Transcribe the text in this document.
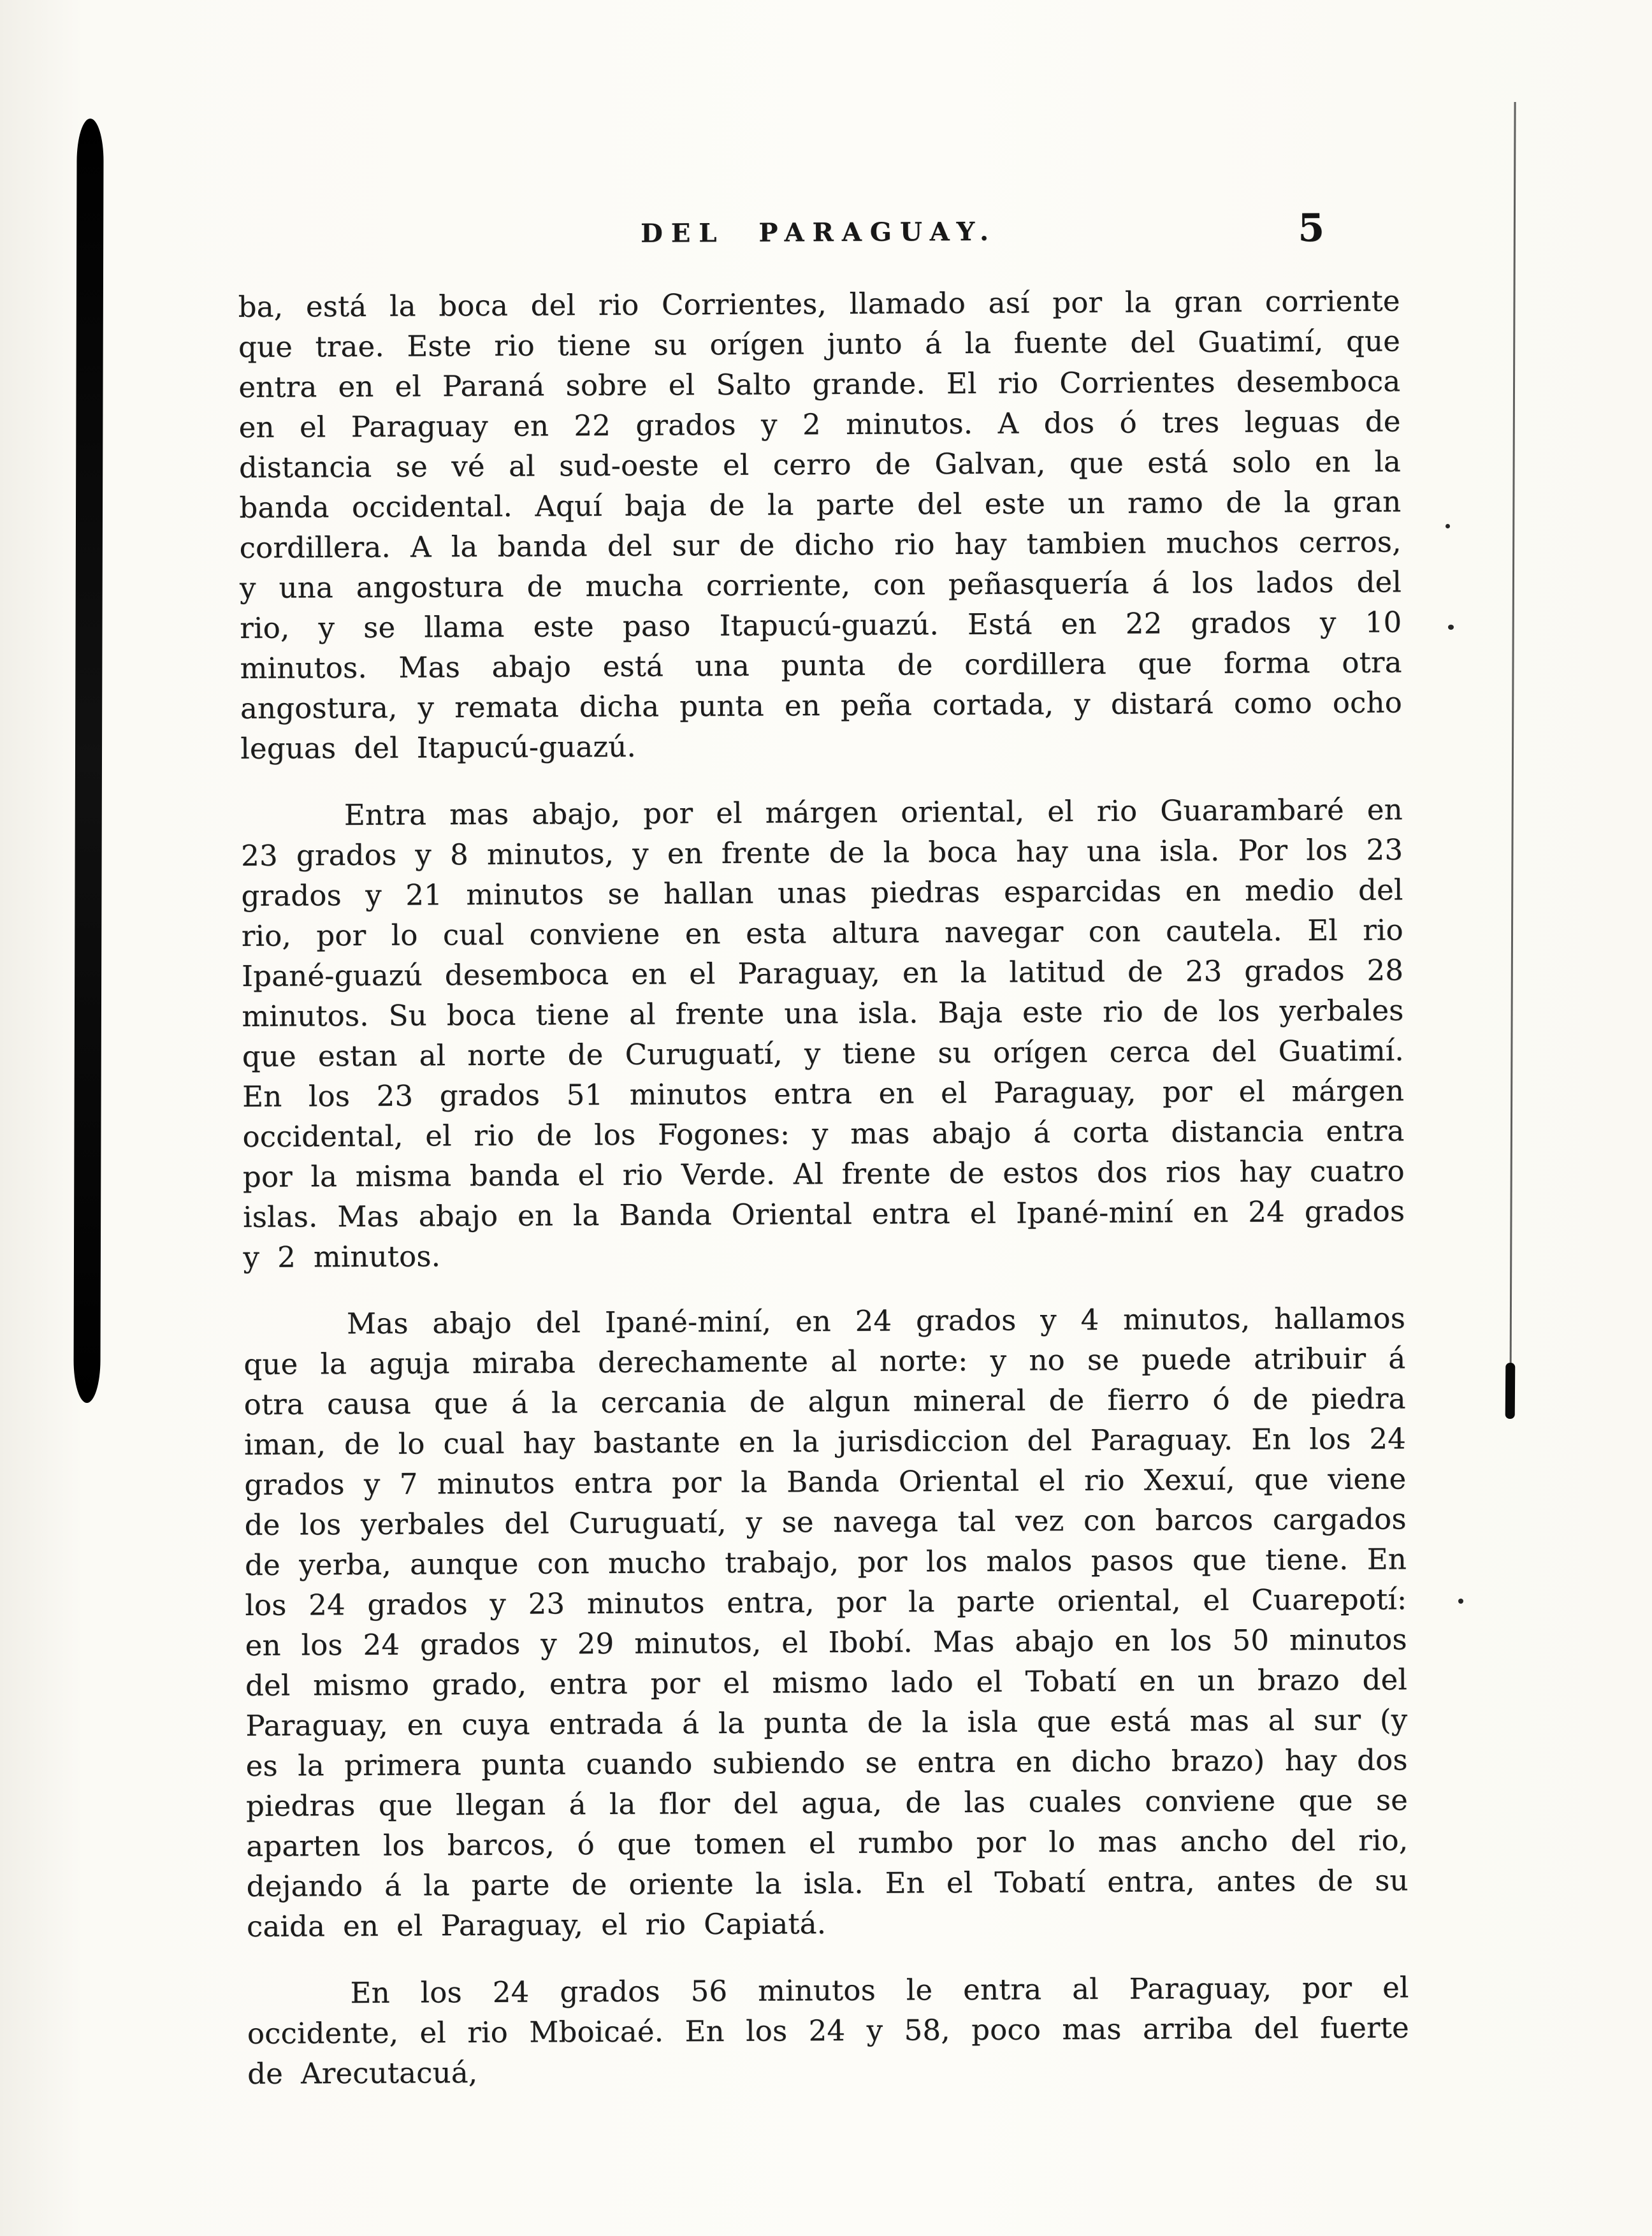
DEL PARAGUAY.	5

ba, está la boca del rio Corrientes, llamado así por la gran corriente que trae. Este rio tiene su orígen junto á la fuente del Guatimí, que entra en el Paraná sobre el Salto grande. El rio Corrientes desemboca en el Paraguay en 22 grados y 2 minutos. A dos ó tres leguas de distancia se vé al sud-oeste el cerro de Galvan, que está solo en la banda occidental. Aquí baja de la parte del este un ramo de la gran cordillera. A la banda del sur de dicho rio hay tambien muchos cerros, y una angostura de mucha corriente, con peñasquería á los lados del rio, y se llama este paso Itapucú-guazú. Está en 22 grados y 10 minutos. Mas abajo está una punta de cordillera que forma otra angostura, y remata dicha punta en peña cortada, y distará como ocho leguas del Itapucú-guazú.

Entra mas abajo, por el márgen oriental, el rio Guarambaré en 23 grados y 8 minutos, y en frente de la boca hay una isla. Por los 23 grados y 21 minutos se hallan unas piedras esparcidas en medio del rio, por lo cual conviene en esta altura navegar con cautela. El rio Ipané-guazú desemboca en el Paraguay, en la latitud de 23 grados 28 minutos. Su boca tiene al frente una isla. Baja este rio de los yerbales que estan al norte de Curuguatí, y tiene su orígen cerca del Guatimí. En los 23 grados 51 minutos entra en el Paraguay, por el márgen occidental, el rio de los Fogones: y mas abajo á corta distancia entra por la misma banda el rio Verde. Al frente de estos dos rios hay cuatro islas. Mas abajo en la Banda Oriental entra el Ipané-miní en 24 grados y 2 minutos.

Mas abajo del Ipané-miní, en 24 grados y 4 minutos, hallamos que la aguja miraba derechamente al norte: y no se puede atribuir á otra causa que á la cercania de algun mineral de fierro ó de piedra iman, de lo cual hay bastante en la jurisdiccion del Paraguay. En los 24 grados y 7 minutos entra por la Banda Oriental el rio Xexuí, que viene de los yerbales del Curuguatí, y se navega tal vez con barcos cargados de yerba, aunque con mucho trabajo, por los malos pasos que tiene. En los 24 grados y 23 minutos entra, por la parte oriental, el Cuarepotí: en los 24 grados y 29 minutos, el Ibobí. Mas abajo en los 50 minutos del mismo grado, entra por el mismo lado el Tobatí en un brazo del Paraguay, en cuya entrada á la punta de la isla que está mas al sur (y es la primera punta cuando subiendo se entra en dicho brazo) hay dos piedras que llegan á la flor del agua, de las cuales conviene que se aparten los barcos, ó que tomen el rumbo por lo mas ancho del rio, dejando á la parte de oriente la isla. En el Tobatí entra, antes de su caida en el Paraguay, el rio Capiatá.

En los 24 grados 56 minutos le entra al Paraguay, por el occidente, el rio Mboicaé. En los 24 y 58, poco mas arriba del fuerte de Arecutacuá,
